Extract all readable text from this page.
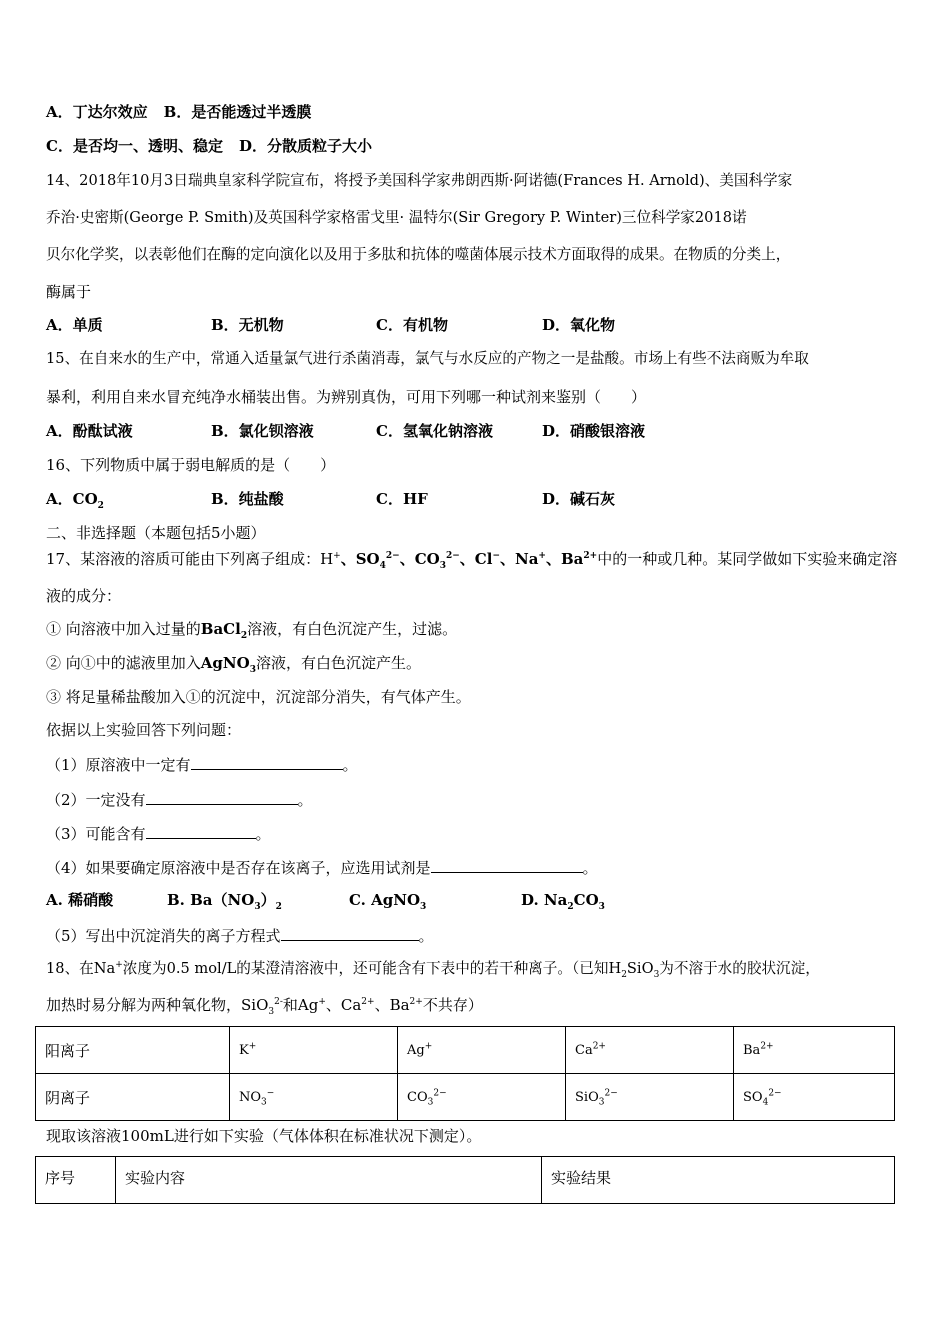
A．丁达尔效应 B．是否能透过半透膜
C．是否均一、透明、稳定 D．分散质粒子大小
14、2018年10月3日瑞典皇家科学院宣布，将授予美国科学家弗朗西斯·阿诺德(Frances H. Arnold)、美国科学家
乔治·史密斯(George P. Smith)及英国科学家格雷戈里· 温特尔(Sir Gregory P. Winter)三位科学家2018诺
贝尔化学奖，以表彰他们在酶的定向演化以及用于多肽和抗体的噬菌体展示技术方面取得的成果。在物质的分类上，
酶属于
A．单质	B．无机物	C．有机物	D．氧化物
15、在自来水的生产中，常通入适量氯气进行杀菌消毒，氯气与水反应的产物之一是盐酸。市场上有些不法商贩为牟取
暴利，利用自来水冒充纯净水桶装出售。为辨别真伪，可用下列哪一种试剂来鉴别（　　）
A．酚酞试液	B．氯化钡溶液	C．氢氧化钠溶液	D．硝酸银溶液
16、下列物质中属于弱电解质的是（　　）
A．$CO_2$	B．纯盐酸	C．HF	D．碱石灰
二、非选择题（本题包括5小题）
17、某溶液的溶质可能由下列离子组成：H+、$SO_4^{2-}$、$CO_3^{2-}$、Cl−、Na+、$Ba^{2+}$中的一种或几种。某同学做如下实验来确定溶
液的成分：
① 向溶液中加入过量的BaCl$_2$溶液，有白色沉淀产生，过滤。
② 向①中的滤液里加入AgNO$_3$溶液，有白色沉淀产生。
③ 将足量稀盐酸加入①的沉淀中，沉淀部分消失，有气体产生。
依据以上实验回答下列问题：
（1）原溶液中一定有	。
（2）一定没有	。
（3）可能含有	。
（4）如果要确定原溶液中是否存在该离子，应选用试剂是	。
A. 稀硝酸	B. $Ba(NO_3)_2$	C. AgNO$_3$	D. $Na_2CO_3$
（5）写出中沉淀消失的离子方程式	。
18、在Na+浓度为0.5 mol/L的某澄清溶液中，还可能含有下表中的若干种离子。（已知$H_2SiO_3$为不溶于水的胶状沉淀，
加热时易分解为两种氧化物，SiO$_3^{2-}$和Ag+、$Ca^{2+}$、$Ba^{2+}$不共存）
阳离子	K+	Ag+	$Ca^{2+}$	$Ba^{2+}$
阴离子	$NO_3^-$	$CO_3^{2-}$	SiO$_3^{2-}$	$SO_4^{2-}$
现取该溶液100mL进行如下实验（气体体积在标准状况下测定）。
序号	实验内容	实验结果
